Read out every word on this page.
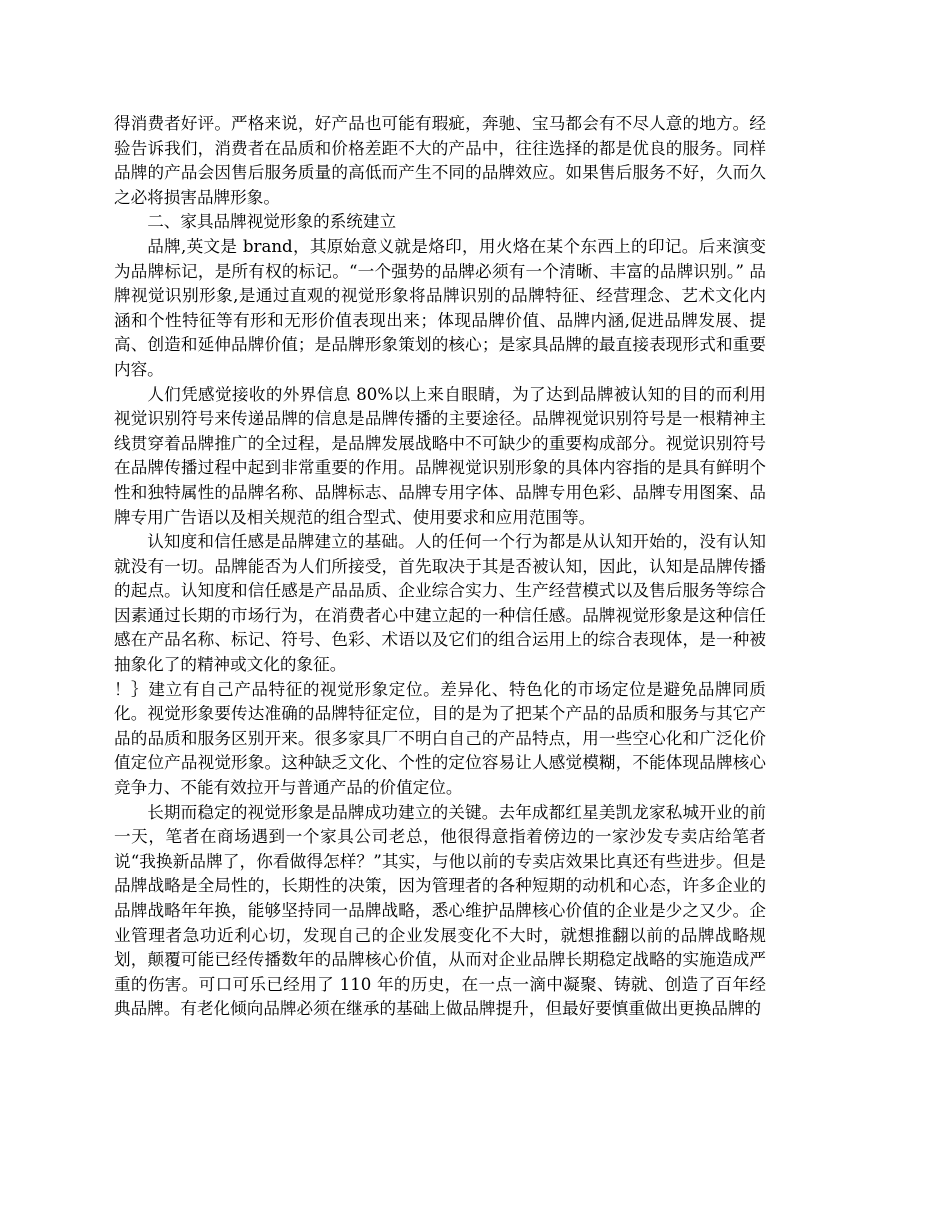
得消费者好评。严格来说，好产品也可能有瑕疵，奔驰、宝马都会有不尽人意的地方。经验告诉我们，消费者在品质和价格差距不大的产品中，往往选择的都是优良的服务。同样品牌的产品会因售后服务质量的高低而产生不同的品牌效应。如果售后服务不好，久而久之必将损害品牌形象。

二、家具品牌视觉形象的系统建立

品牌,英文是 brand，其原始意义就是烙印，用火烙在某个东西上的印记。后来演变为品牌标记，是所有权的标记。“一个强势的品牌必须有一个清晰、丰富的品牌识别。” 品牌视觉识别形象,是通过直观的视觉形象将品牌识别的品牌特征、经营理念、艺术文化内涵和个性特征等有形和无形价值表现出来；体现品牌价值、品牌内涵,促进品牌发展、提高、创造和延伸品牌价值；是品牌形象策划的核心；是家具品牌的最直接表现形式和重要内容。

人们凭感觉接收的外界信息 80%以上来自眼睛，为了达到品牌被认知的目的而利用视觉识别符号来传递品牌的信息是品牌传播的主要途径。品牌视觉识别符号是一根精神主线贯穿着品牌推广的全过程，是品牌发展战略中不可缺少的重要构成部分。视觉识别符号在品牌传播过程中起到非常重要的作用。品牌视觉识别形象的具体内容指的是具有鲜明个性和独特属性的品牌名称、品牌标志、品牌专用字体、品牌专用色彩、品牌专用图案、品牌专用广告语以及相关规范的组合型式、使用要求和应用范围等。

认知度和信任感是品牌建立的基础。人的任何一个行为都是从认知开始的，没有认知就没有一切。品牌能否为人们所接受，首先取决于其是否被认知，因此，认知是品牌传播的起点。认知度和信任感是产品品质、企业综合实力、生产经营模式以及售后服务等综合因素通过长期的市场行为，在消费者心中建立起的一种信任感。品牌视觉形象是这种信任感在产品名称、标记、符号、色彩、术语以及它们的组合运用上的综合表现体，是一种被抽象化了的精神或文化的象征。

！｝建立有自己产品特征的视觉形象定位。差异化、特色化的市场定位是避免品牌同质化。视觉形象要传达准确的品牌特征定位，目的是为了把某个产品的品质和服务与其它产品的品质和服务区别开来。很多家具厂不明白自己的产品特点，用一些空心化和广泛化价值定位产品视觉形象。这种缺乏文化、个性的定位容易让人感觉模糊，不能体现品牌核心竞争力、不能有效拉开与普通产品的价值定位。

长期而稳定的视觉形象是品牌成功建立的关键。去年成都红星美凯龙家私城开业的前一天，笔者在商场遇到一个家具公司老总，他很得意指着傍边的一家沙发专卖店给笔者说“我换新品牌了，你看做得怎样？”其实，与他以前的专卖店效果比真还有些进步。但是品牌战略是全局性的，长期性的决策，因为管理者的各种短期的动机和心态，许多企业的品牌战略年年换，能够坚持同一品牌战略，悉心维护品牌核心价值的企业是少之又少。企业管理者急功近利心切，发现自己的企业发展变化不大时，就想推翻以前的品牌战略规划，颠覆可能已经传播数年的品牌核心价值，从而对企业品牌长期稳定战略的实施造成严重的伤害。可口可乐已经用了 110 年的历史，在一点一滴中凝聚、铸就、创造了百年经典品牌。有老化倾向品牌必须在继承的基础上做品牌提升，但最好要慎重做出更换品牌的
